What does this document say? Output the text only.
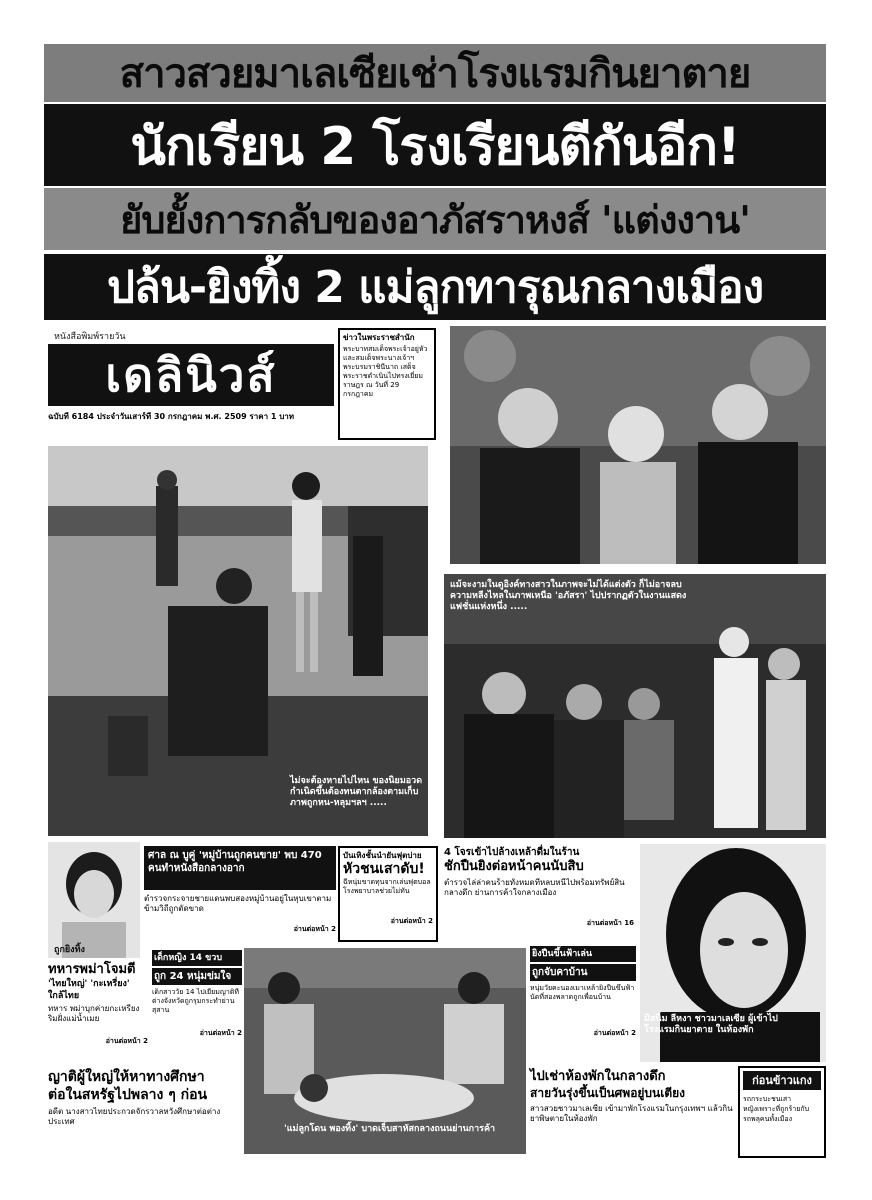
สาวสวยมาเลเซียเช่าโรงแรมกินยาตาย
นักเรียน 2 โรงเรียนตีกันอีก!
ยับยั้งการกลับของอาภัสราหงส์ 'แต่งงาน'
ปล้น-ยิงทิ้ง 2 แม่ลูกทารุณกลางเมือง
หนังสือพิมพ์รายวัน
เดลินิวส์
ฉบับที่ 6184 ประจำวันเสาร์ที่ 30 กรกฎาคม พ.ศ. 2509 ราคา 1 บาท
ข่าวในพระราชสำนัก
พระบาทสมเด็จพระเจ้าอยู่หัว และสมเด็จพระนางเจ้าฯ พระบรมราชินีนาถ เสด็จพระราชดำเนินไปทรงเยี่ยมราษฎร ณ วันที่ 29 กรกฎาคม
ไม่จะต้องหายไปไหน ของนิยมอวดกำเนิดขึ้นต้องทนตากล้องตามเก็บภาพถูกหน-หลุมฯลฯ .....
แม้จะงามในดูอิงค์ทางสาวในภาพจะไม่ได้แต่งตัว ก็ไม่อาจลบความหลีงไหลในภาพเหนือ 'อภัสรา' ไปปรากฏตัวในงานแสดงแฟชั่นแห่งหนึ่ง .....
ถูกยิงทิ้ง
ศาล ณ บูคู่ 'หมู่บ้านถูกคนขาย' พบ 470 คนทำหนังสือกลางอาก
ตำรวจกระจายชายแดนพบสองหมู่บ้านอยู่ในหุบเขาตามข้ามวิถีถูกตัดขาด
อ่านต่อหน้า 2
บันเทิงชั้นนำยันฟุตบ่าย
หัวชนเสาดับ!
ฉี่หนุ่มขาดทุนจากเล่นฟุตบอล โรงพยาบาลช่วยไม่ทัน
อ่านต่อหน้า 2
4 โจรเข้าไปล้างเหล้าดื่มในร้าน
ชักปืนยิงต่อหน้าคนนับสิบ
ตำรวจไล่ล่าคนร้ายทั้งหมดที่หลบหนีไปพร้อมทรัพย์สิน กลางดึก ย่านการค้าใจกลางเมือง
อ่านต่อหน้า 16
มิสนิ่ม ลีหงา ชาวมาเลเซีย ผู้เข้าไปโรงแรมกินยาตาย ในห้องพัก
ทหารพม่าโจมตี
'ไทยใหญ่' 'กะเหรี่ยง' ใกล้ไทย
ทหาร พม่าบุกค่ายกะเหรี่ยง ริมฝั่งแม่น้ำเมย
อ่านต่อหน้า 2
เด็กหญิง 14 ขวบ
ถูก 24 หนุ่มข่มใจ
เด็กสาววัย 14 ไปเยี่ยมญาติที่ต่างจังหวัดถูกรุมกระทำย่านสุสาน
อ่านต่อหน้า 2
'แม่ลูกโดน พองทิ้ง' บาดเจ็บสาหัสกลางถนนย่านการค้า
ยิงปืนขึ้นฟ้าเล่น
ถูกจับคาบ้าน
หนุ่มวัยคะนองเมาเหล้ายิงปืนขึ้นฟ้า นัดที่สองพลาดถูกเพื่อนบ้าน
อ่านต่อหน้า 2
ญาติผู้ใหญ่ให้หาทางศึกษา
ต่อในสหรัฐไปพลาง ๆ ก่อน
อดีต นางสาวไทยประกวดจักรวาลหวังศึกษาต่อต่างประเทศ
ไปเช่าห้องพักในกลางดึก
สายวันรุ่งขึ้นเป็นศพอยู่บนเตียง
สาวสวยชาวมาเลเซีย เข้ามาพักโรงแรมในกรุงเทพฯ แล้วกินยาพิษตายในห้องพัก
ก่อนข้าวแกง
รถกระบะชนเสา
หญิงเพราะที่ถูกร้ายกับ
รถพลุคนทั้งเมือง
